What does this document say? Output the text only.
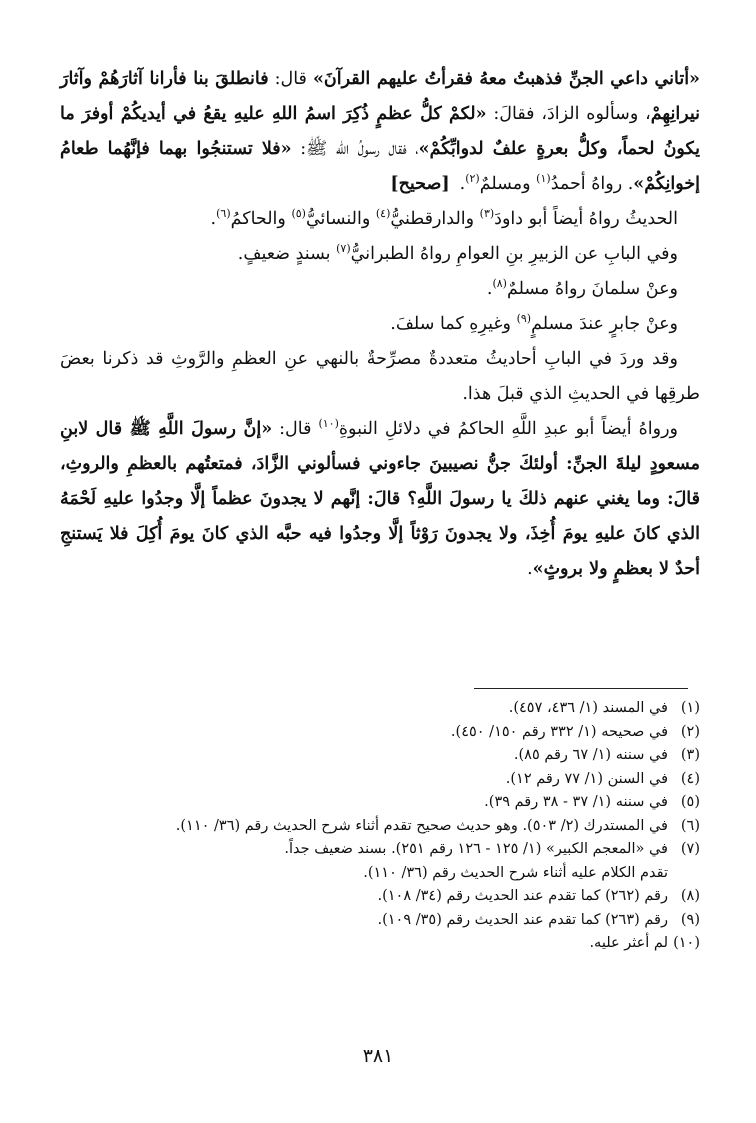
«أتاني داعي الجنِّ فذهبتُ معهُ فقرأتُ عليهم القرآنَ» قال: فانطلقَ بنا فأرانا آثارَهُمْ وآثارَ نيرانِهِمْ، وسألوه الزادَ، فقالَ: «لكمْ كلُّ عظمٍ ذُكِرَ اسمُ اللهِ عليهِ يقعُ في أيديكُمْ أوفرَ ما يكونُ لحماً، وكلُّ بعرةٍ علفٌ لدوابِّكُمْ»، فقال رسولُ الله ﷺ: «فلا تستنجُوا بهما فإنَّهُما طعامُ إخوانِكُمْ». رواهُ أحمدُ$^{(١)}$ ومسلمٌ$^{(٢)}$.[صحيح]

الحديثُ رواهُ أيضاً أبو داودَ$^{(٣)}$ والدارقطنيُّ$^{(٤)}$ والنسائيُّ$^{(٥)}$ والحاكمُ$^{(٦)}$.

وفي البابِ عن الزبيرِ بنِ العوامِ رواهُ الطبرانيُّ$^{(٧)}$ بسندٍ ضعيفٍ.

وعنْ سلمانَ رواهُ مسلمٌ$^{(٨)}$.

وعنْ جابرٍ عندَ مسلمٍ$^{(٩)}$ وغيرِهِ كما سلفَ.

وقد وردَ في البابِ أحاديثُ متعددةٌ مصرِّحةٌ بالنهي عنِ العظمِ والرَّوثِ قد ذكرنا بعضَ طرقِها في الحديثِ الذي قبلَ هذا.

ورواهُ أيضاً أبو عبدِ اللَّهِ الحاكمُ في دلائلِ النبوةِ$^{(١٠)}$ قال: «إنَّ رسولَ اللَّهِ ﷺ قال لابنِ مسعودٍ ليلةَ الجنِّ: أولئكَ جنُّ نصيبينَ جاءوني فسألوني الزَّادَ، فمتعتُهم بالعظمِ والروثِ، قالَ: وما يغني عنهم ذلكَ يا رسولَ اللَّهِ؟ قالَ: إنَّهم لا يجدونَ عظماً إلَّا وجدُوا عليهِ لَحْمَهُ الذي كانَ عليهِ يومَ أُخِذَ، ولا يجدونَ رَوْثاً إلَّا وجدُوا فيه حبَّه الذي كانَ يومَ أُكِلَ فلا يَستنجِ أحدٌ لا بعظمٍ ولا بروثٍ».

(١)
في المسند (١/ ٤٣٦، ٤٥٧).
(٢)
في صحيحه (١/ ٣٣٢ رقم ١٥٠/ ٤٥٠).
(٣)
في سننه (١/ ٦٧ رقم ٨٥).
(٤)
في السنن (١/ ٧٧ رقم ١٢).
(٥)
في سننه (١/ ٣٧ - ٣٨ رقم ٣٩).
(٦)
في المستدرك (٢/ ٥٠٣). وهو حديث صحيح تقدم أثناء شرح الحديث رقم (٣٦/ ١١٠).
(٧)
في «المعجم الكبير» (١/ ١٢٥ - ١٢٦ رقم ٢٥١). بسند ضعيف جداً.
تقدم الكلام عليه أثناء شرح الحديث رقم (٣٦/ ١١٠).
(٨)
رقم (٢٦٢) كما تقدم عند الحديث رقم (٣٤/ ١٠٨).
(٩)
رقم (٢٦٣) كما تقدم عند الحديث رقم (٣٥/ ١٠٩).
(١٠)
لم أعثر عليه.
٣٨١
